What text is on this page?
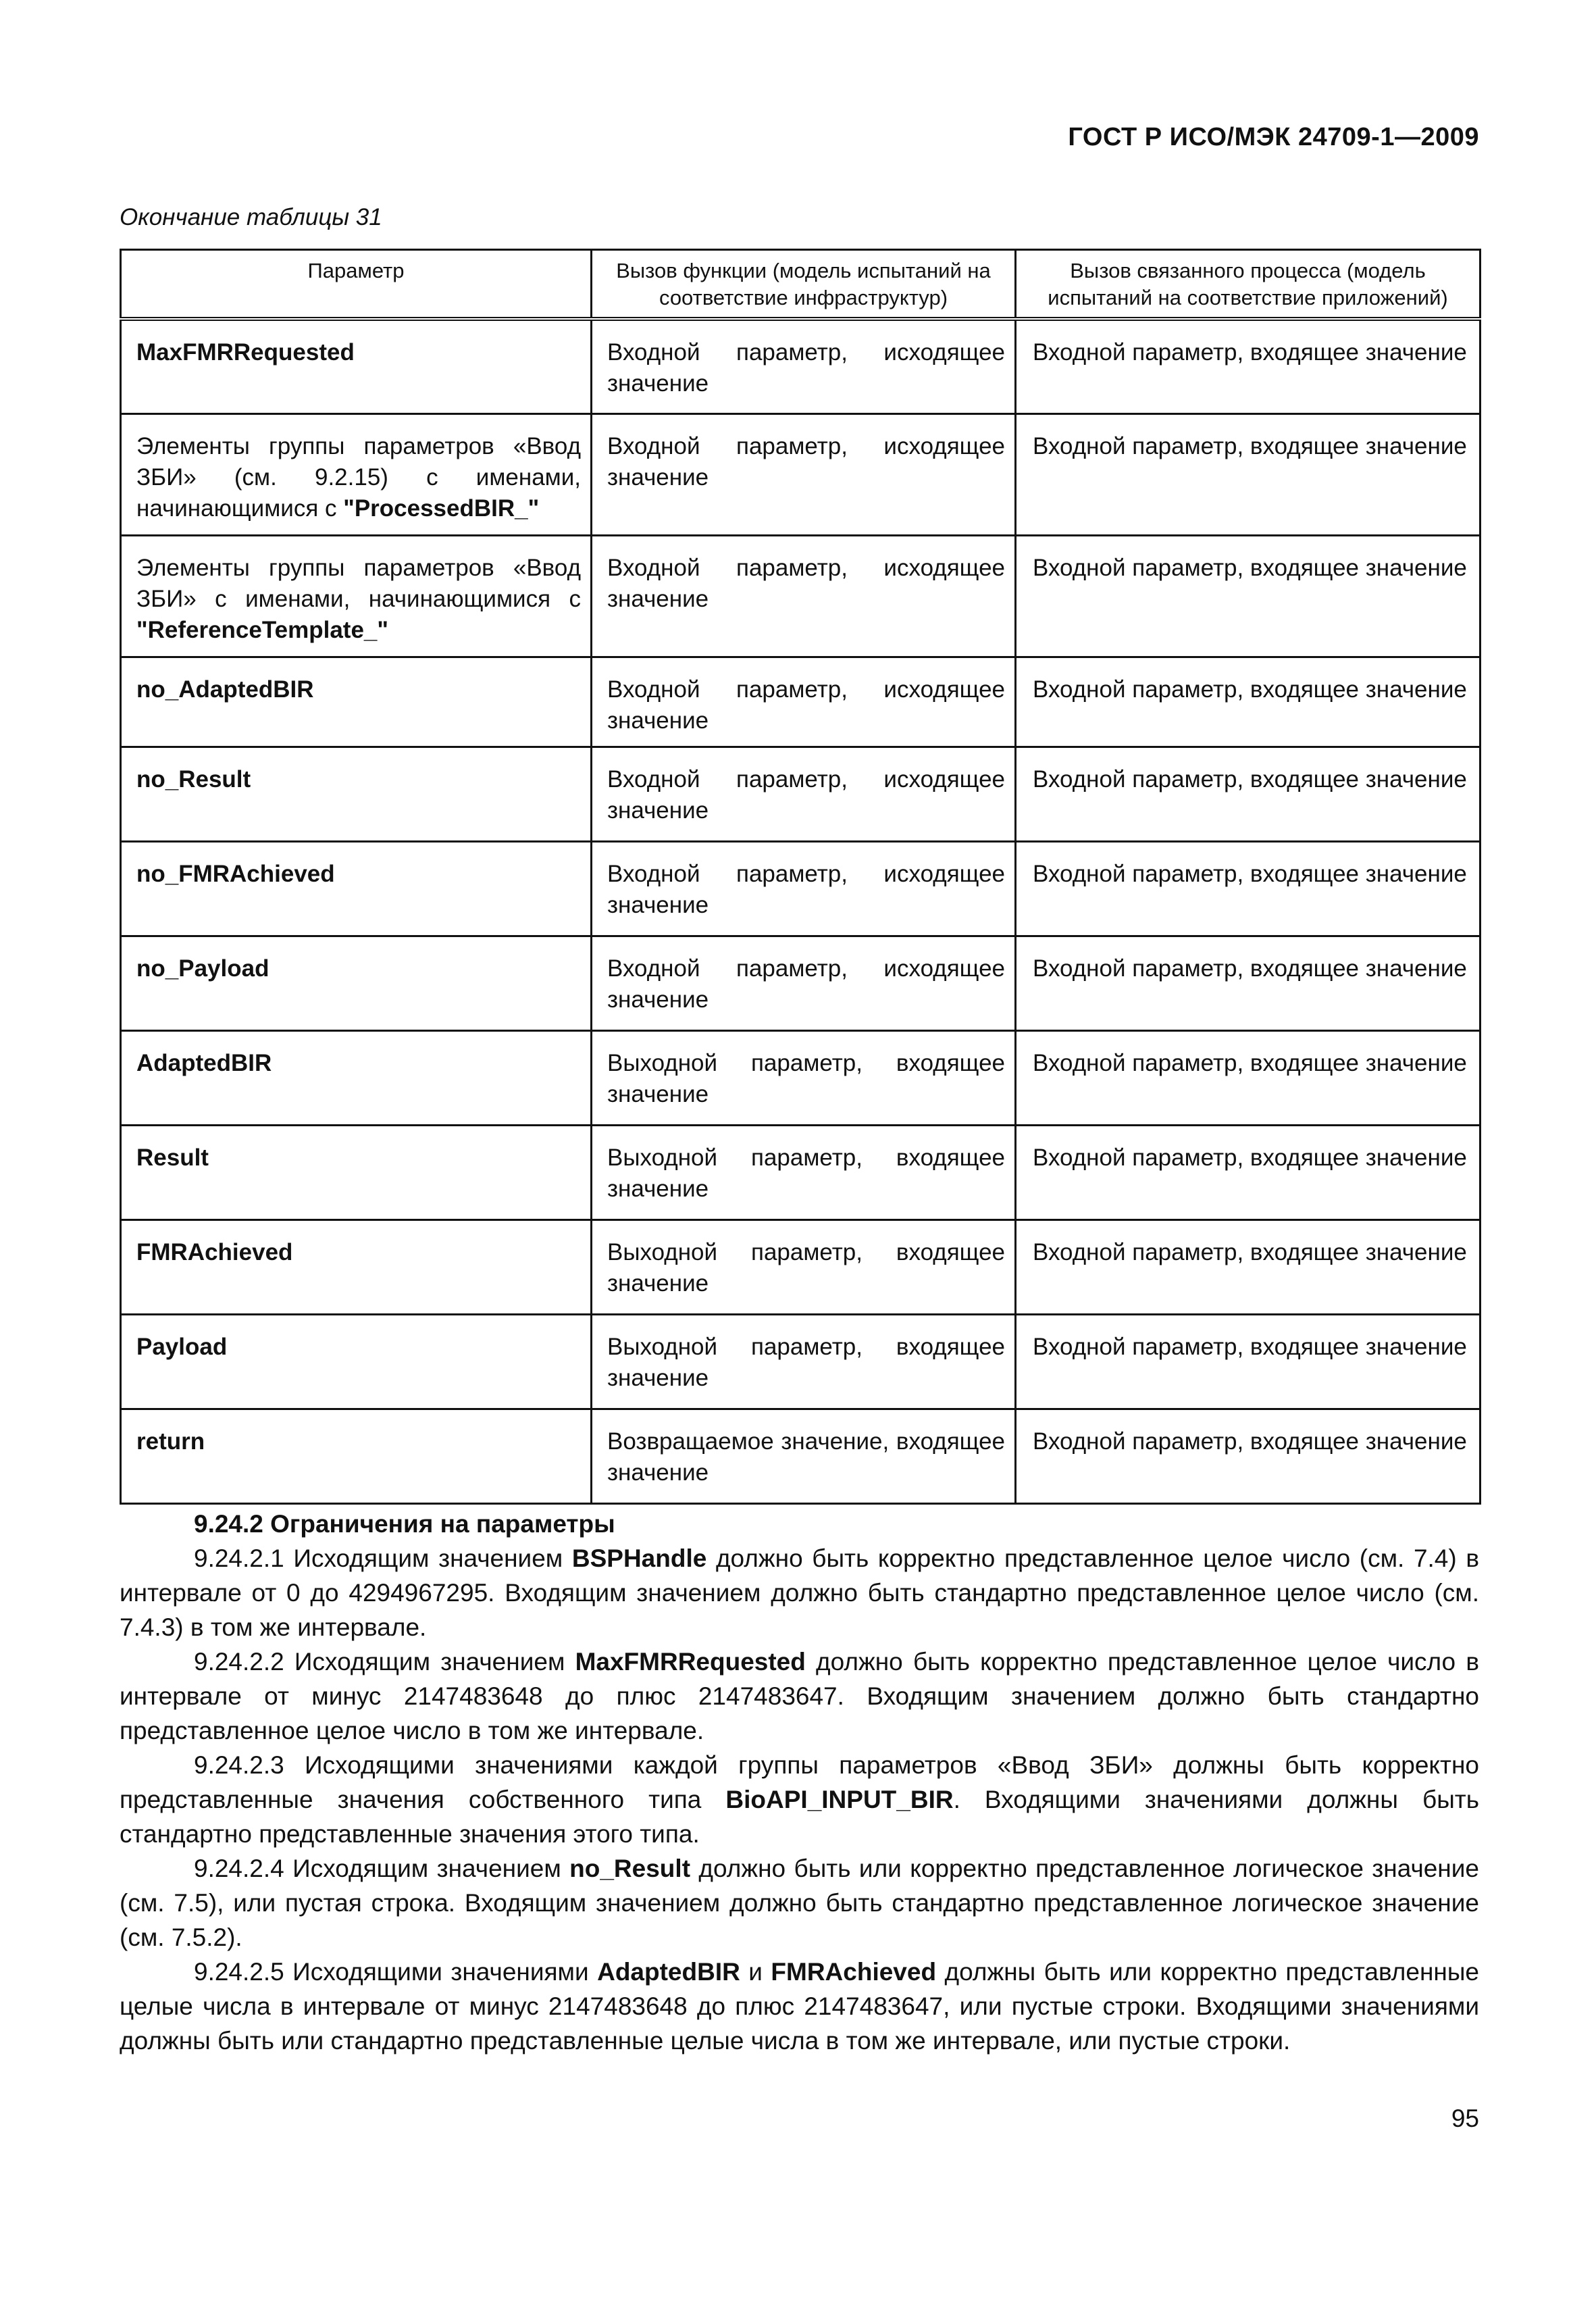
ГОСТ Р ИСО/МЭК 24709-1—2009
Окончание таблицы 31
Параметр	Вызов функции (модель испытаний на соответствие инфраструктур)	Вызов связанного процесса (модель испытаний на соответствие приложений)
MaxFMRRequested	Входной параметр, исходящее значение	Входной параметр, входящее значение
Элементы группы параметров «Ввод ЗБИ» (см. 9.2.15) с именами, начинающимися с "ProcessedBIR_"	Входной параметр, исходящее значение	Входной параметр, входящее значение
Элементы группы параметров «Ввод ЗБИ» с именами, начинающимися с "ReferenceTemplate_"	Входной параметр, исходящее значение	Входной параметр, входящее значение
no_AdaptedBIR	Входной параметр, исходящее значение	Входной параметр, входящее значение
no_Result	Входной параметр, исходящее значение	Входной параметр, входящее значение
no_FMRAchieved	Входной параметр, исходящее значение	Входной параметр, входящее значение
no_Payload	Входной параметр, исходящее значение	Входной параметр, входящее значение
AdaptedBIR	Выходной параметр, входящее значение	Входной параметр, входящее значение
Result	Выходной параметр, входящее значение	Входной параметр, входящее значение
FMRAchieved	Выходной параметр, входящее значение	Входной параметр, входящее значение
Payload	Выходной параметр, входящее значение	Входной параметр, входящее значение
return	Возвращаемое значение, входящее значение	Входной параметр, входящее значение
9.24.2 Ограничения на параметры

9.24.2.1 Исходящим значением BSPHandle должно быть корректно представленное целое число (см. 7.4) в интервале от 0 до 4294967295. Входящим значением должно быть стандартно представленное целое число (см. 7.4.3) в том же интервале.

9.24.2.2 Исходящим значением MaxFMRRequested должно быть корректно представленное целое число в интервале от минус 2147483648 до плюс 2147483647. Входящим значением должно быть стандартно представленное целое число в том же интервале.

9.24.2.3 Исходящими значениями каждой группы параметров «Ввод ЗБИ» должны быть корректно представленные значения собственного типа BioAPI_INPUT_BIR. Входящими значениями должны быть стандартно представленные значения этого типа.

9.24.2.4 Исходящим значением no_Result должно быть или корректно представленное логическое значение (см. 7.5), или пустая строка. Входящим значением должно быть стандартно представленное логическое значение (см. 7.5.2).

9.24.2.5 Исходящими значениями AdaptedBIR и FMRAchieved должны быть или корректно представленные целые числа в интервале от минус 2147483648 до плюс 2147483647, или пустые строки. Входящими значениями должны быть или стандартно представленные целые числа в том же интервале, или пустые строки.

95
